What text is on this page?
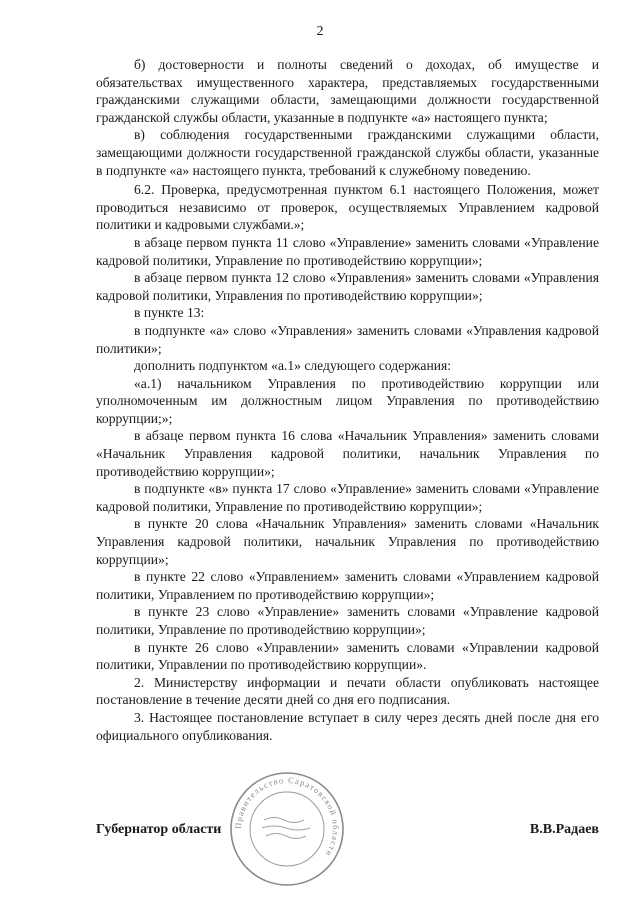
2

б) достоверности и полноты сведений о доходах, об имуществе и обязательствах имущественного характера, представляемых государственными гражданскими служащими области, замещающими должности государственной гражданской службы области, указанные в подпункте «а» настоящего пункта;

в) соблюдения государственными гражданскими служащими области, замещающими должности государственной гражданской службы области, указанные в подпункте «а» настоящего пункта, требований к служебному поведению.

6.2. Проверка, предусмотренная пунктом 6.1 настоящего Положения, может проводиться независимо от проверок, осуществляемых Управлением кадровой политики и кадровыми службами.»;

в абзаце первом пункта 11 слово «Управление» заменить словами «Управление кадровой политики, Управление по противодействию коррупции»;

в абзаце первом пункта 12 слово «Управления» заменить словами «Управления кадровой политики, Управления по противодействию коррупции»;

в пункте 13:

в подпункте «а» слово «Управления» заменить словами «Управления кадровой политики»;

дополнить подпунктом «а.1» следующего содержания:

«а.1) начальником Управления по противодействию коррупции или уполномоченным им должностным лицом Управления по противодействию коррупции;»;

в абзаце первом пункта 16 слова «Начальник Управления» заменить словами «Начальник Управления кадровой политики, начальник Управления по противодействию коррупции»;

в подпункте «в» пункта 17 слово «Управление» заменить словами «Управление кадровой политики, Управление по противодействию коррупции»;

в пункте 20 слова «Начальник Управления» заменить словами «Начальник Управления кадровой политики, начальник Управления по противодействию коррупции»;

в пункте 22 слово «Управлением» заменить словами «Управлением кадровой политики, Управлением по противодействию коррупции»;

в пункте 23 слово «Управление» заменить словами «Управление кадровой политики, Управление по противодействию коррупции»;

в пункте 26 слово «Управлении» заменить словами «Управлении кадровой политики, Управлении по противодействию коррупции».

2. Министерству информации и печати области опубликовать настоящее постановление в течение десяти дней со дня его подписания.

3. Настоящее постановление вступает в силу через десять дней после дня его официального опубликования.

Правительство Саратовской области
Губернатор области	В.В.Радаев
